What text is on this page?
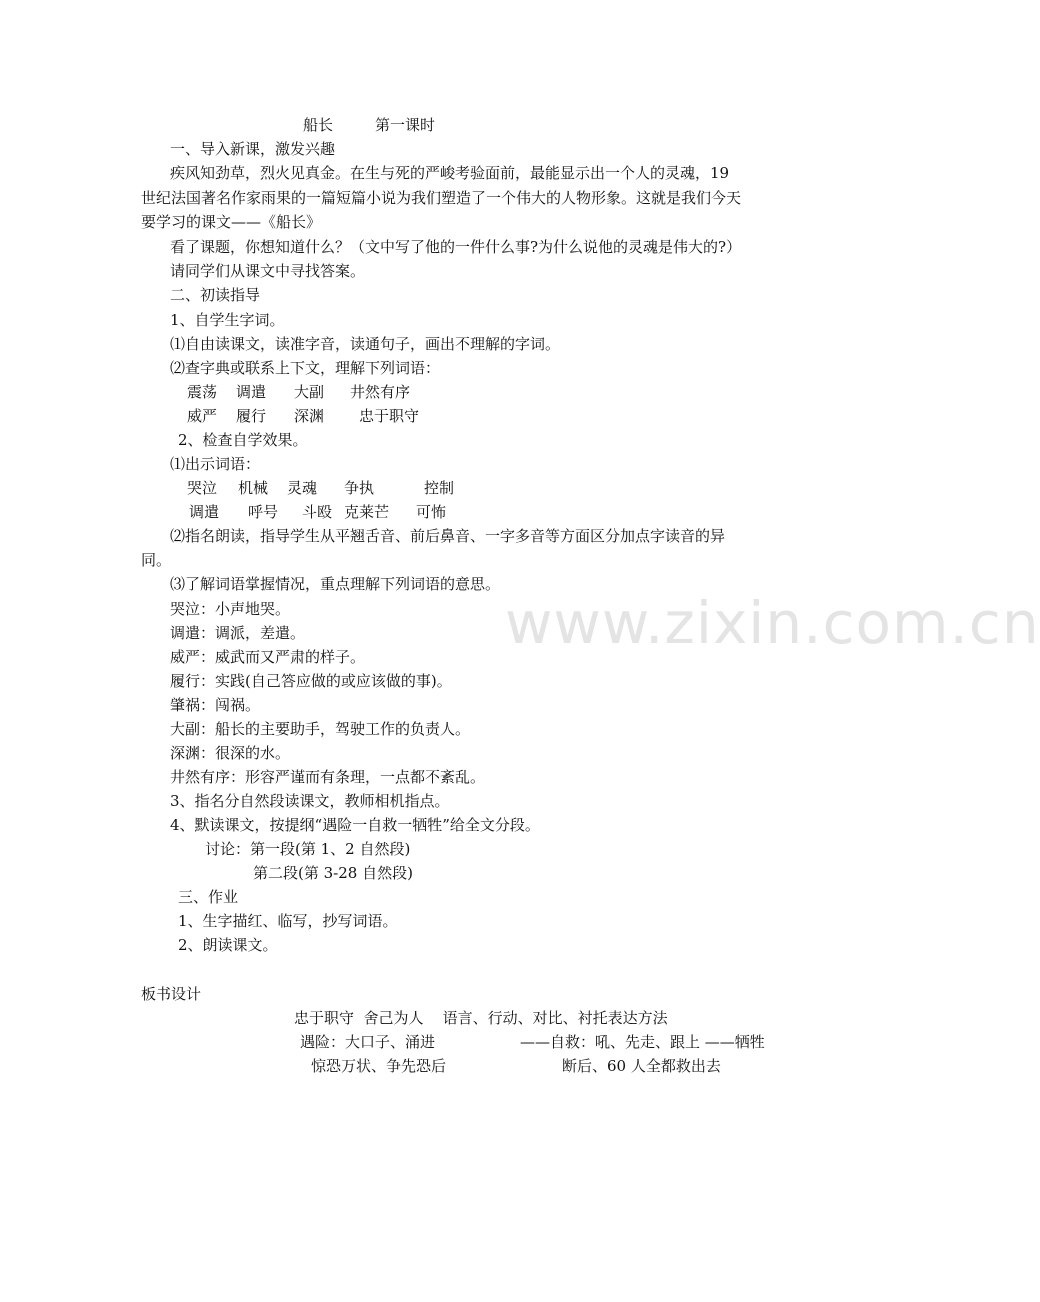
船长	第一课时
一、导入新课，激发兴趣
疾风知劲草，烈火见真金。在生与死的严峻考验面前，最能显示出一个人的灵魂，19
世纪法国著名作家雨果的一篇短篇小说为我们塑造了一个伟大的人物形象。这就是我们今天
要学习的课文——《船长》
看了课题，你想知道什么？（文中写了他的一件什么事?为什么说他的灵魂是伟大的?）
请同学们从课文中寻找答案。
二、初读指导
1、自学生字词。
⑴自由读课文，读准字音，读通句子，画出不理解的字词。
⑵查字典或联系上下文，理解下列词语：
震荡 调遣 大副 井然有序
威严 履行 深渊 忠于职守
2、检查自学效果。
⑴出示词语：
哭泣 机械 灵魂 争执	控制
调遣 呼号 斗殴 克莱芒 可怖
⑵指名朗读，指导学生从平翘舌音、前后鼻音、一字多音等方面区分加点字读音的异
同。
⑶了解词语掌握情况，重点理解下列词语的意思。
哭泣：小声地哭。
调遣：调派，差遣。
威严：威武而又严肃的样子。
履行：实践(自己答应做的或应该做的事)。
肇祸：闯祸。
大副：船长的主要助手，驾驶工作的负责人。
深渊：很深的水。
井然有序：形容严谨而有条理，一点都不紊乱。
3、指名分自然段读课文，教师相机指点。
4、默读课文，按提纲“遇险一自救一牺牲”给全文分段。
讨论：第一段(第 1、2 自然段)
第二段(第 3-28 自然段)
三、作业
1、生字描红、临写，抄写词语。
2、朗读课文。
板书设计
忠于职守  舍己为人    语言、行动、对比、衬托表达方法
遇险：大口子、涌进	——自救：吼、先走、跟上 ——牺牲
惊恐万状、争先恐后	断后、60 人全都救出去
www.zixin.com.cn
